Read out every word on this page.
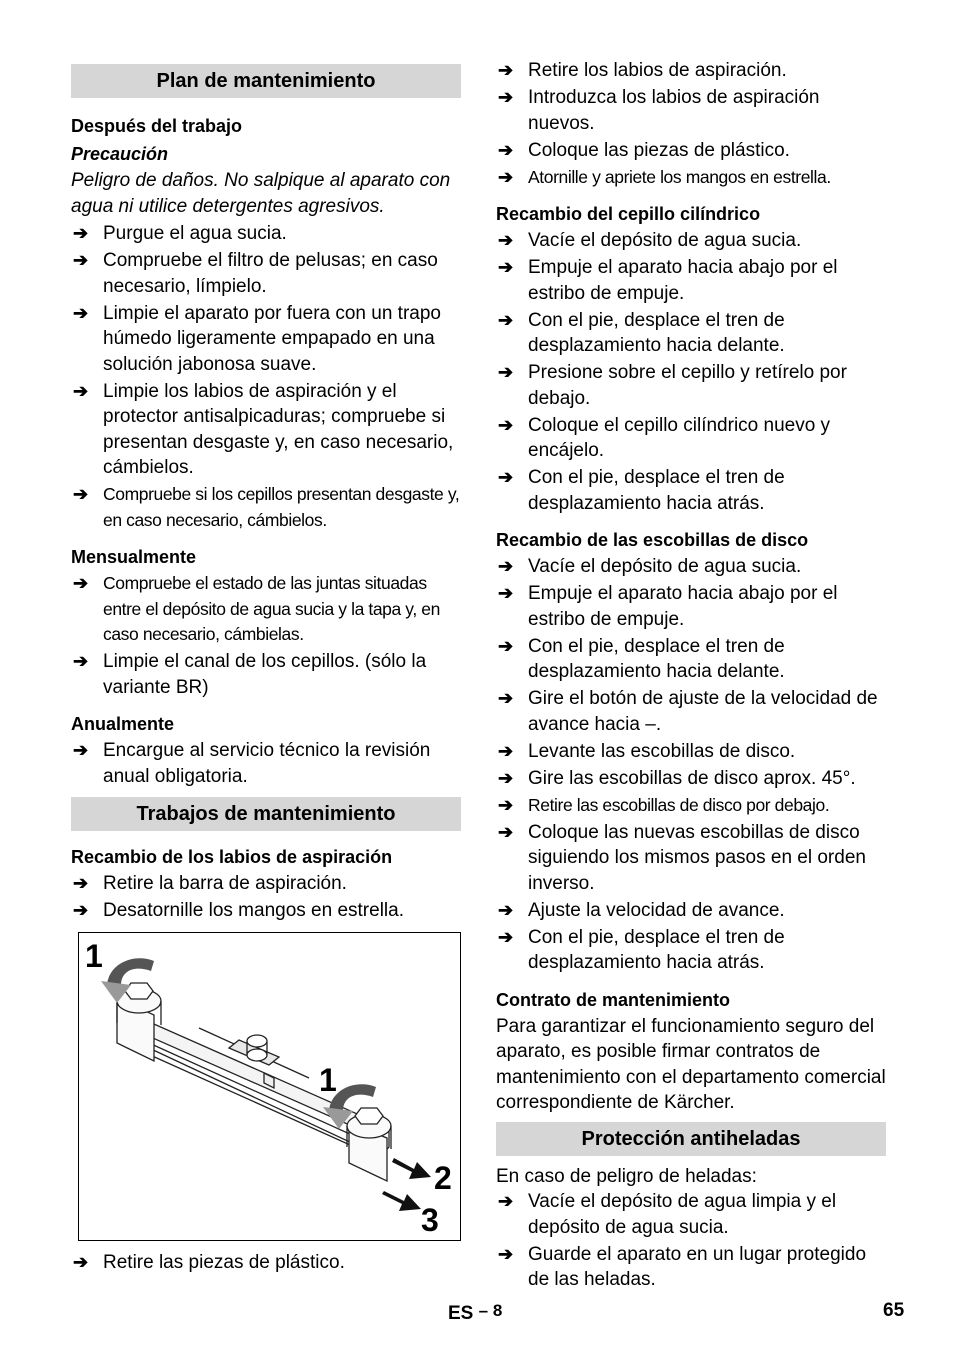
Plan de mantenimiento
Después del trabajo
Precaución
Peligro de daños. No salpique al aparato con agua ni utilice detergentes agresivos.
➔ Purgue el agua sucia.
➔ Compruebe el filtro de pelusas; en caso necesario, límpielo.
➔ Limpie el aparato por fuera con un trapo húmedo ligeramente empapado en una solución jabonosa suave.
➔ Limpie los labios de aspiración y el protector antisalpicaduras; compruebe si presentan desgaste y, en caso necesario, cámbielos.
➔ Compruebe si los cepillos presentan desgaste y, en caso necesario, cámbielos.
Mensualmente
➔ Compruebe el estado de las juntas situadas entre el depósito de agua sucia y la tapa y, en caso necesario, cámbielas.
➔ Limpie el canal de los cepillos. (sólo la variante BR)
Anualmente
➔ Encargue al servicio técnico la revisión anual obligatoria.
Trabajos de mantenimiento
Recambio de los labios de aspiración
➔ Retire la barra de aspiración.
➔ Desatornille los mangos en estrella.
1
1
2
3
➔ Retire las piezas de plástico.
➔ Retire los labios de aspiración.
➔ Introduzca los labios de aspiración nuevos.
➔ Coloque las piezas de plástico.
➔ Atornille y apriete los mangos en estrella.
Recambio del cepillo cilíndrico
➔ Vacíe el depósito de agua sucia.
➔ Empuje el aparato hacia abajo por el estribo de empuje.
➔ Con el pie, desplace el tren de desplazamiento hacia delante.
➔ Presione sobre el cepillo y retírelo por debajo.
➔ Coloque el cepillo cilíndrico nuevo y encájelo.
➔ Con el pie, desplace el tren de desplazamiento hacia atrás.
Recambio de las escobillas de disco
➔ Vacíe el depósito de agua sucia.
➔ Empuje el aparato hacia abajo por el estribo de empuje.
➔ Con el pie, desplace el tren de desplazamiento hacia delante.
➔ Gire el botón de ajuste de la velocidad de avance hacia –.
➔ Levante las escobillas de disco.
➔ Gire las escobillas de disco aprox. 45°.
➔ Retire las escobillas de disco por debajo.
➔ Coloque las nuevas escobillas de disco siguiendo los mismos pasos en el orden inverso.
➔ Ajuste la velocidad de avance.
➔ Con el pie, desplace el tren de desplazamiento hacia atrás.
Contrato de mantenimiento
Para garantizar el funcionamiento seguro del aparato, es posible firmar contratos de mantenimiento con el departamento comercial correspondiente de Kärcher.
Protección antiheladas
En caso de peligro de heladas:
➔ Vacíe el depósito de agua limpia y el depósito de agua sucia.
➔ Guarde el aparato en un lugar protegido de las heladas.
ES – 8	65
